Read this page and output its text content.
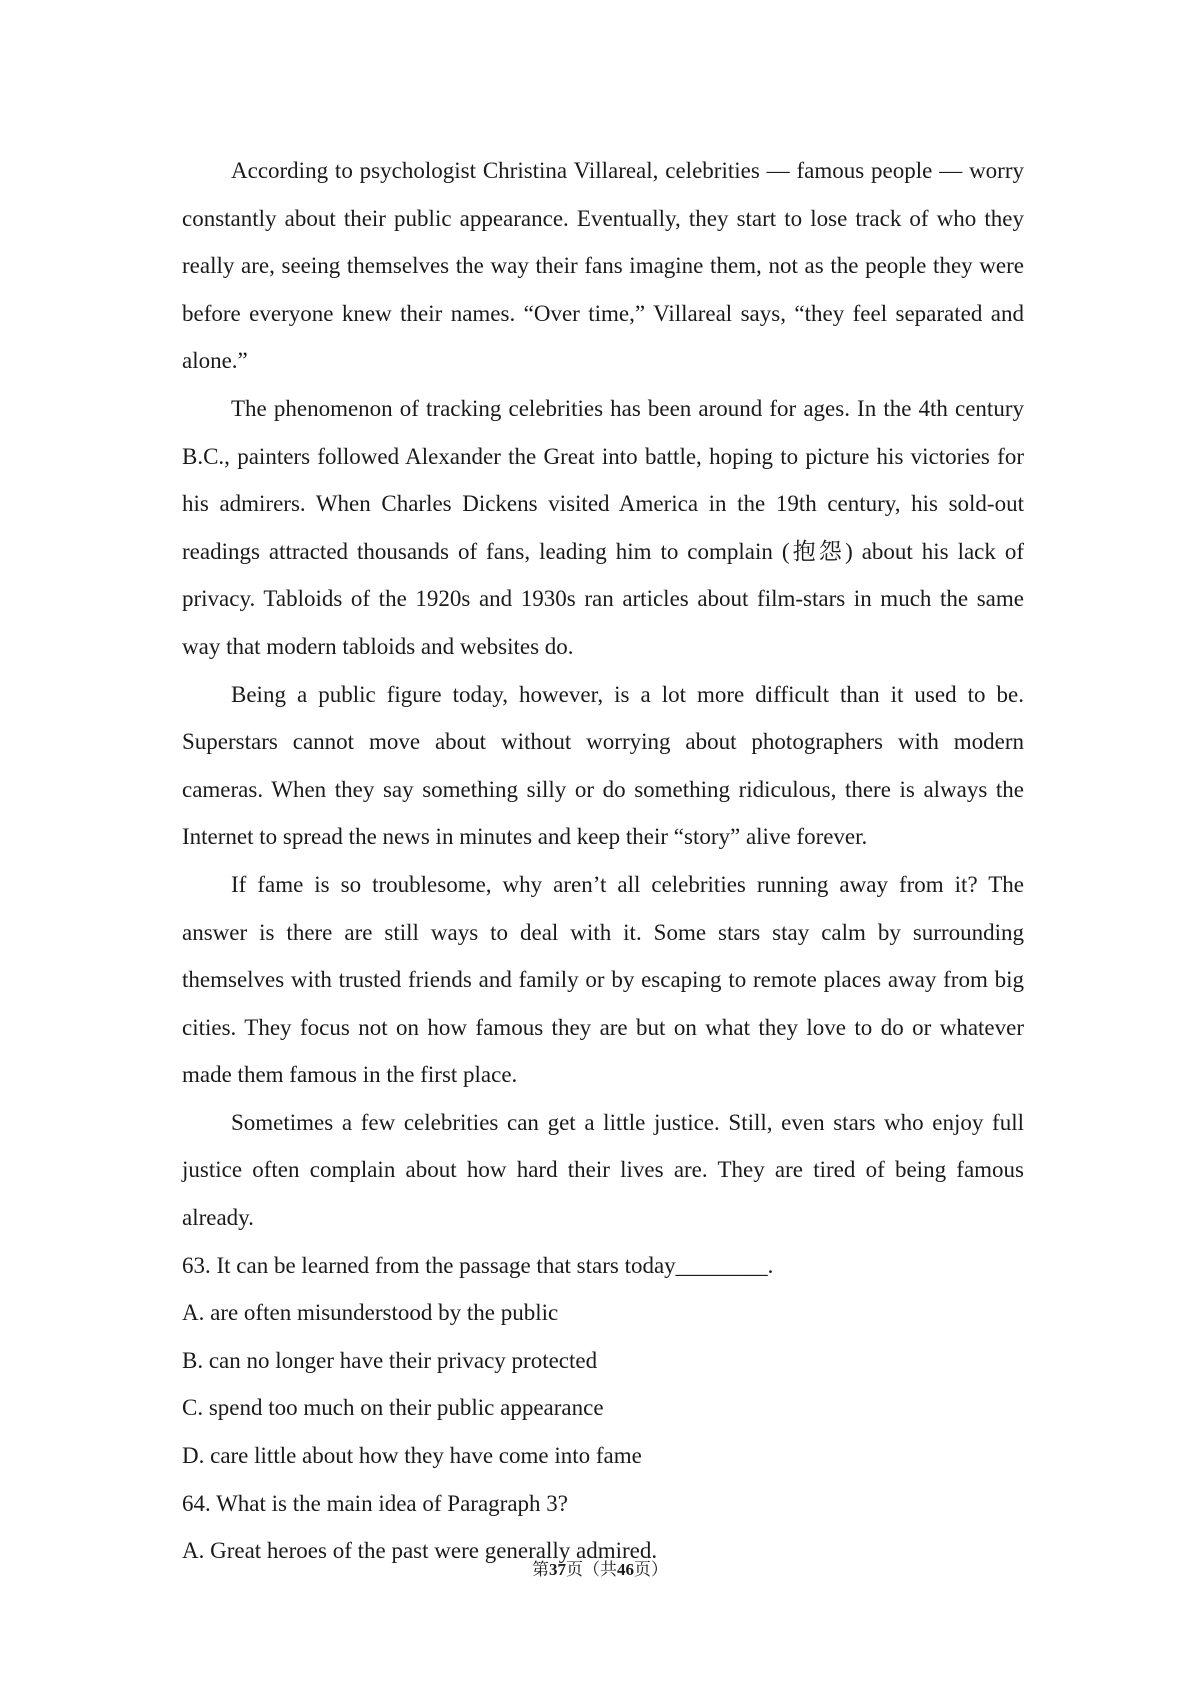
According to psychologist Christina Villareal, celebrities — famous people — worry constantly about their public appearance. Eventually, they start to lose track of who they really are, seeing themselves the way their fans imagine them, not as the people they were before everyone knew their names. “Over time,” Villareal says, “they feel separated and alone.”

The phenomenon of tracking celebrities has been around for ages. In the 4th century B.C., painters followed Alexander the Great into battle, hoping to picture his victories for his admirers. When Charles Dickens visited America in the 19th century, his sold-out readings attracted thousands of fans, leading him to complain (抱怨) about his lack of privacy. Tabloids of the 1920s and 1930s ran articles about film-stars in much the same way that modern tabloids and websites do.

Being a public figure today, however, is a lot more difficult than it used to be. Superstars cannot move about without worrying about photographers with modern cameras. When they say something silly or do something ridiculous, there is always the Internet to spread the news in minutes and keep their “story” alive forever.

If fame is so troublesome, why aren’t all celebrities running away from it? The answer is there are still ways to deal with it. Some stars stay calm by surrounding themselves with trusted friends and family or by escaping to remote places away from big cities. They focus not on how famous they are but on what they love to do or whatever made them famous in the first place.

Sometimes a few celebrities can get a little justice. Still, even stars who enjoy full justice often complain about how hard their lives are. They are tired of being famous already.

63. It can be learned from the passage that stars today________.

A. are often misunderstood by the public

B. can no longer have their privacy protected

C. spend too much on their public appearance

D. care little about how they have come into fame

64. What is the main idea of Paragraph 3?

A. Great heroes of the past were generally admired.

第37页（共46页）
